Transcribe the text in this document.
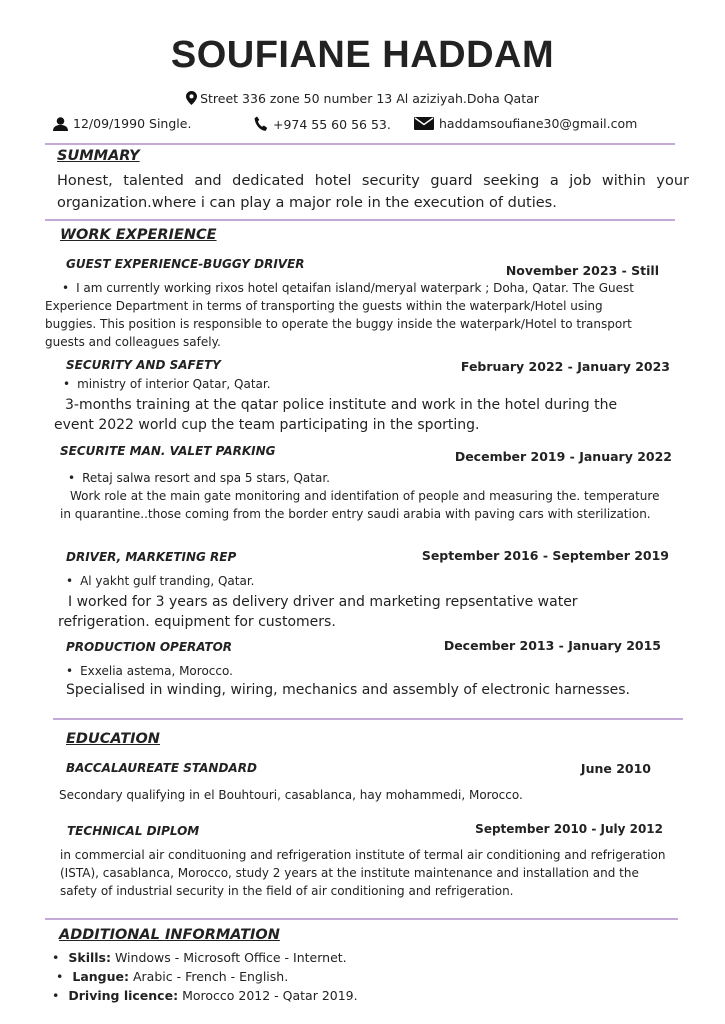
SOUFIANE HADDAM
Street 336 zone 50 number 13 Al aziziyah.Doha Qatar
12/09/1990 Single.	+974 55 60 56 53.	haddamsoufiane30@gmail.com
SUMMARY
Honest, talented and dedicated hotel security guard seeking a job within your organization.where i can play a major role in the execution of duties.
WORK EXPERIENCE
GUEST EXPERIENCE-BUGGY DRIVER	November 2023 - Still
• I am currently working rixos hotel qetaifan island/meryal waterpark ; Doha, Qatar. The Guest
Experience Department in terms of transporting the guests within the waterpark/Hotel using buggies. This position is responsible to operate the buggy inside the waterpark/Hotel to transport guests and colleagues safely.
SECURITY AND SAFETY	February 2022 - January 2023
• ministry of interior Qatar, Qatar.
3-months training at the qatar police institute and work in the hotel during the event 2022 world cup the team participating in the sporting.
SECURITE MAN. VALET PARKING	December 2019 - January 2022
• Retaj salwa resort and spa 5 stars, Qatar.
Work role at the main gate monitoring and identifation of people and measuring the. temperature in quarantine..those coming from the border entry saudi arabia with paving cars with sterilization.
DRIVER, MARKETING REP	September 2016 - September 2019
• Al yakht gulf tranding, Qatar.
I worked for 3 years as delivery driver and marketing repsentative water refrigeration. equipment for customers.
PRODUCTION OPERATOR	December 2013 - January 2015
• Exxelia astema, Morocco.
Specialised in winding, wiring, mechanics and assembly of electronic harnesses.
EDUCATION
BACCALAUREATE STANDARD	June 2010
Secondary qualifying in el Bouhtouri, casablanca, hay mohammedi, Morocco.
TECHNICAL DIPLOM	September 2010 - July 2012
in commercial air condituoning and refrigeration institute of termal air conditioning and refrigeration (ISTA), casablanca, Morocco, study 2 years at the institute maintenance and installation and the safety of industrial security in the field of air conditioning and refrigeration.
ADDITIONAL INFORMATION
• Skills: Windows - Microsoft Office - Internet.
• Langue: Arabic - French - English.
• Driving licence: Morocco 2012 - Qatar 2019.
